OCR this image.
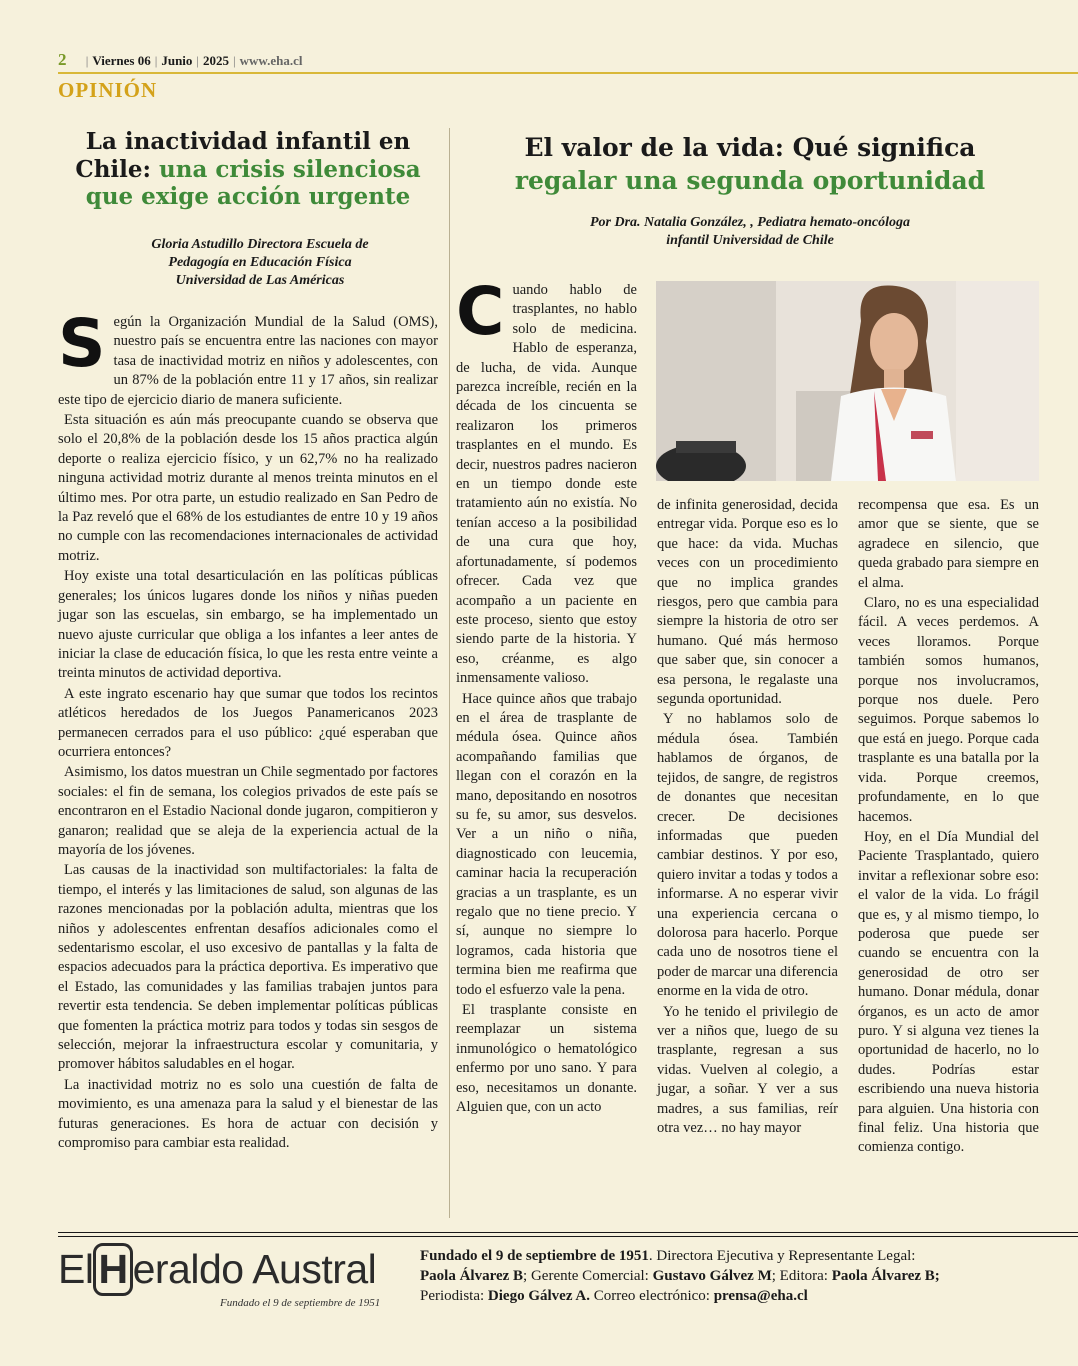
2 | Viernes 06 | Junio | 2025 | www.eha.cl
OPINIÓN
La inactividad infantil en Chile: una crisis silenciosa que exige acción urgente
Gloria Astudillo Directora Escuela de
Pedagogía en Educación Física
Universidad de Las Américas

Según la Organización Mundial de la Salud (OMS), nuestro país se encuentra entre las naciones con mayor tasa de inactividad motriz en niños y adolescentes, con un 87% de la población entre 11 y 17 años, sin realizar este tipo de ejercicio diario de manera suficiente.

Esta situación es aún más preocupante cuando se observa que solo el 20,8% de la población desde los 15 años practica algún deporte o realiza ejercicio físico, y un 62,7% no ha realizado ninguna actividad motriz durante al menos treinta minutos en el último mes. Por otra parte, un estudio realizado en San Pedro de la Paz reveló que el 68% de los estudiantes de entre 10 y 19 años no cumple con las recomendaciones internacionales de actividad motriz.

Hoy existe una total desarticulación en las políticas públicas generales; los únicos lugares donde los niños y niñas pueden jugar son las escuelas, sin embargo, se ha implementado un nuevo ajuste curricular que obliga a los infantes a leer antes de iniciar la clase de educación física, lo que les resta entre veinte a treinta minutos de actividad deportiva.

A este ingrato escenario hay que sumar que todos los recintos atléticos heredados de los Juegos Panamericanos 2023 permanecen cerrados para el uso público: ¿qué esperaban que ocurriera entonces?

Asimismo, los datos muestran un Chile segmentado por factores sociales: el fin de semana, los colegios privados de este país se encontraron en el Estadio Nacional donde jugaron, compitieron y ganaron; realidad que se aleja de la experiencia actual de la mayoría de los jóvenes.

Las causas de la inactividad son multifactoriales: la falta de tiempo, el interés y las limitaciones de salud, son algunas de las razones mencionadas por la población adulta, mientras que los niños y adolescentes enfrentan desafíos adicionales como el sedentarismo escolar, el uso excesivo de pantallas y la falta de espacios adecuados para la práctica deportiva. Es imperativo que el Estado, las comunidades y las familias trabajen juntos para revertir esta tendencia. Se deben implementar políticas públicas que fomenten la práctica motriz para todos y todas sin sesgos de selección, mejorar la infraestructura escolar y comunitaria, y promover hábitos saludables en el hogar.

La inactividad motriz no es solo una cuestión de falta de movimiento, es una amenaza para la salud y el bienestar de las futuras generaciones. Es hora de actuar con decisión y compromiso para cambiar esta realidad.

El valor de la vida: Qué significa
regalar una segunda oportunidad
Por Dra. Natalia González, , Pediatra hemato-oncóloga
infantil Universidad de Chile

Cuando hablo de trasplantes, no hablo solo de medicina. Hablo de esperanza, de lucha, de vida. Aunque parezca increíble, recién en la década de los cincuenta se realizaron los primeros trasplantes en el mundo. Es decir, nuestros padres nacieron en un tiempo donde este tratamiento aún no existía. No tenían acceso a la posibilidad de una cura que hoy, afortunadamente, sí podemos ofrecer. Cada vez que acompaño a un paciente en este proceso, siento que estoy siendo parte de la historia. Y eso, créanme, es algo inmensamente valioso.

Hace quince años que trabajo en el área de trasplante de médula ósea. Quince años acompañando familias que llegan con el corazón en la mano, depositando en nosotros su fe, su amor, sus desvelos. Ver a un niño o niña, diagnosticado con leucemia, caminar hacia la recuperación gracias a un trasplante, es un regalo que no tiene precio. Y sí, aunque no siempre lo logramos, cada historia que termina bien me reafirma que todo el esfuerzo vale la pena.

El trasplante consiste en reemplazar un sistema inmunológico o hematológico enfermo por uno sano. Y para eso, necesitamos un donante. Alguien que, con un acto

de infinita generosidad, decida entregar vida. Porque eso es lo que hace: da vida. Muchas veces con un procedimiento que no implica grandes riesgos, pero que cambia para siempre la historia de otro ser humano. Qué más hermoso que saber que, sin conocer a esa persona, le regalaste una segunda oportunidad.

Y no hablamos solo de médula ósea. También hablamos de órganos, de tejidos, de sangre, de registros de donantes que necesitan crecer. De decisiones informadas que pueden cambiar destinos. Y por eso, quiero invitar a todas y todos a informarse. A no esperar vivir una experiencia cercana o dolorosa para hacerlo. Porque cada uno de nosotros tiene el poder de marcar una diferencia enorme en la vida de otro.

Yo he tenido el privilegio de ver a niños que, luego de su trasplante, regresan a sus vidas. Vuelven al colegio, a jugar, a soñar. Y ver a sus madres, a sus familias, reír otra vez… no hay mayor

recompensa que esa. Es un amor que se siente, que se agradece en silencio, que queda grabado para siempre en el alma.

Claro, no es una especialidad fácil. A veces perdemos. A veces lloramos. Porque también somos humanos, porque nos involucramos, porque nos duele. Pero seguimos. Porque sabemos lo que está en juego. Porque cada trasplante es una batalla por la vida. Porque creemos, profundamente, en lo que hacemos.

Hoy, en el Día Mundial del Paciente Trasplantado, quiero invitar a reflexionar sobre eso: el valor de la vida. Lo frágil que es, y al mismo tiempo, lo poderosa que puede ser cuando se encuentra con la generosidad de otro ser humano. Donar médula, donar órganos, es un acto de amor puro. Y si alguna vez tienes la oportunidad de hacerlo, no lo dudes. Podrías estar escribiendo una nueva historia para alguien. Una historia con final feliz. Una historia que comienza contigo.

El H eraldo Austral
Fundado el 9 de septiembre de 1951
Fundado el 9 de septiembre de 1951. Directora Ejecutiva y Representante Legal:
Paola Álvarez B; Gerente Comercial: Gustavo Gálvez M; Editora: Paola Álvarez B;
Periodista: Diego Gálvez A. Correo electrónico: prensa@eha.cl
